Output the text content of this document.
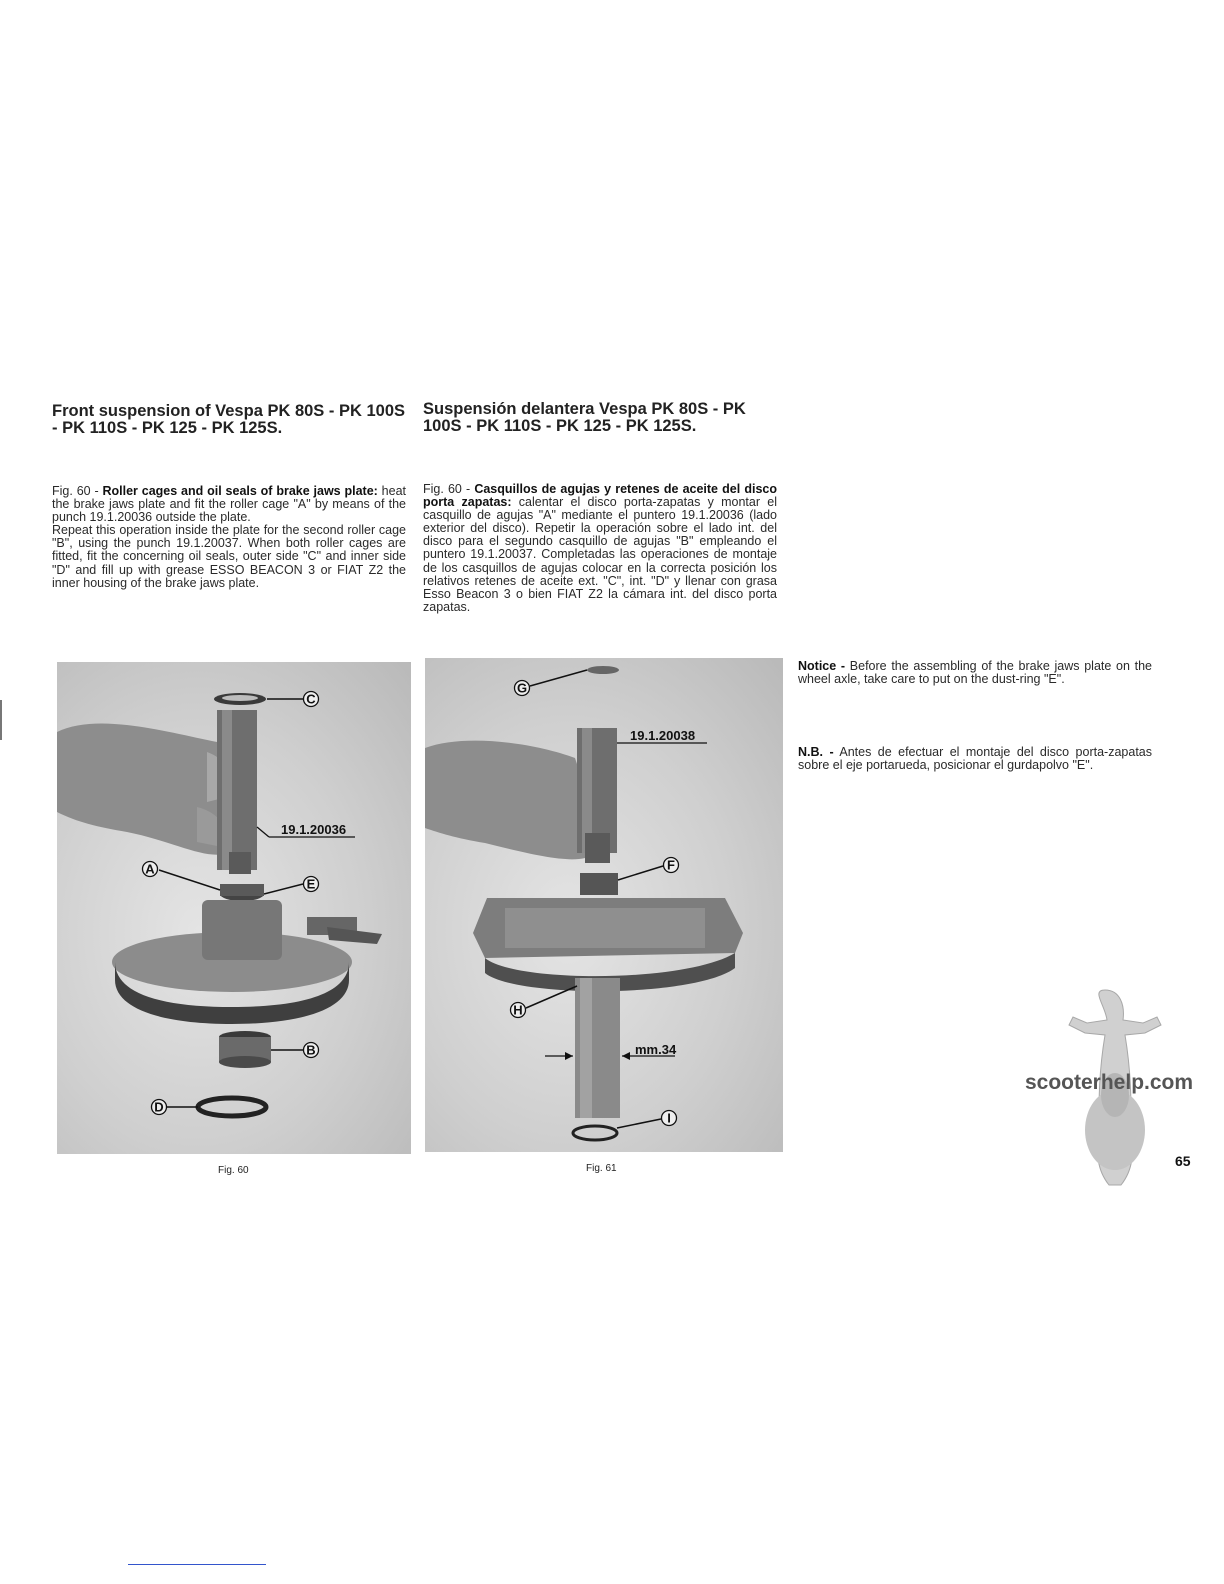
Front suspension of Vespa PK 80S - PK 100S - PK 110S - PK 125 - PK 125S.
Fig. 60 - Roller cages and oil seals of brake jaws plate: heat the brake jaws plate and fit the roller cage "A" by means of the punch 19.1.20036 outside the plate.
Repeat this operation inside the plate for the second roller cage "B", using the punch 19.1.20037. When both roller cages are fitted, fit the concerning oil seals, outer side "C" and inner side "D" and fill up with grease ESSO BEACON 3 or FIAT Z2 the inner housing of the brake jaws plate.
Suspensión delantera Vespa PK 80S - PK 100S - PK 110S - PK 125 - PK 125S.
Fig. 60 - Casquillos de agujas y retenes de aceite del disco porta zapatas: calentar el disco porta-zapatas y montar el casquillo de agujas "A" mediante el puntero 19.1.20036 (lado exterior del disco). Repetir la operación sobre el lado int. del disco para el segundo casquillo de agujas "B" empleando el puntero 19.1.20037. Completadas las operaciones de montaje de los casquillos de agujas colocar en la correcta posición los relativos retenes de aceite ext. "C", int. "D" y llenar con grasa Esso Beacon 3 o bien FIAT Z2 la cámara int. del disco porta zapatas.
Notice - Before the assembling of the brake jaws plate on the wheel axle, take care to put on the dust-ring "E".
N.B. - Antes de efectuar el montaje del disco porta-zapatas sobre el eje portarueda, posicionar el gurdapolvo "E".
C
A
E
B
D
19.1.20036
mm.34
G
F
H
I
19.1.20038
Fig. 60	Fig. 61
scooterhelp.com
65
